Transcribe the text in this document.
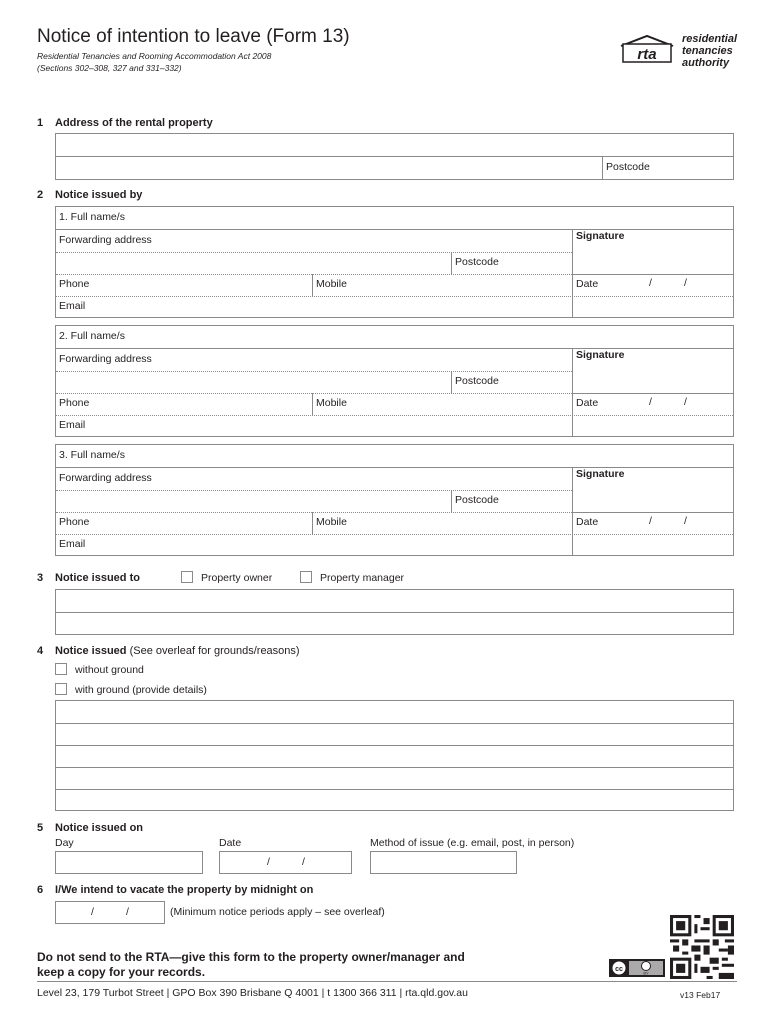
Notice of intention to leave (Form 13)
Residential Tenancies and Rooming Accommodation Act 2008
(Sections 302–308, 327 and 331–332)
rta
residential
tenancies
authority
1 Address of the rental property
Postcode
2 Notice issued by
1. Full name/s
Forwarding address	Signature
Postcode
Phone	Mobile	Date	/	/
Email
2. Full name/s
Forwarding address	Signature
Postcode
Phone	Mobile	Date	/	/
Email
3. Full name/s
Forwarding address	Signature
Postcode
Phone	Mobile	Date	/	/
Email
3 Notice issued to	Property owner	Property manager
4 Notice issued (See overleaf for grounds/reasons)
without ground
with ground (provide details)
5 Notice issued on
Day	Date	Method of issue (e.g. email, post, in person)
/	/
6 I/We intend to vacate the property by midnight on
/	/	(Minimum notice periods apply – see overleaf)
cc	BY
Do not send to the RTA—give this form to the property owner/manager and
keep a copy for your records.
Level 23, 179 Turbot Street | GPO Box 390 Brisbane Q 4001 | t 1300 366 311 | rta.qld.gov.au	v13 Feb17
